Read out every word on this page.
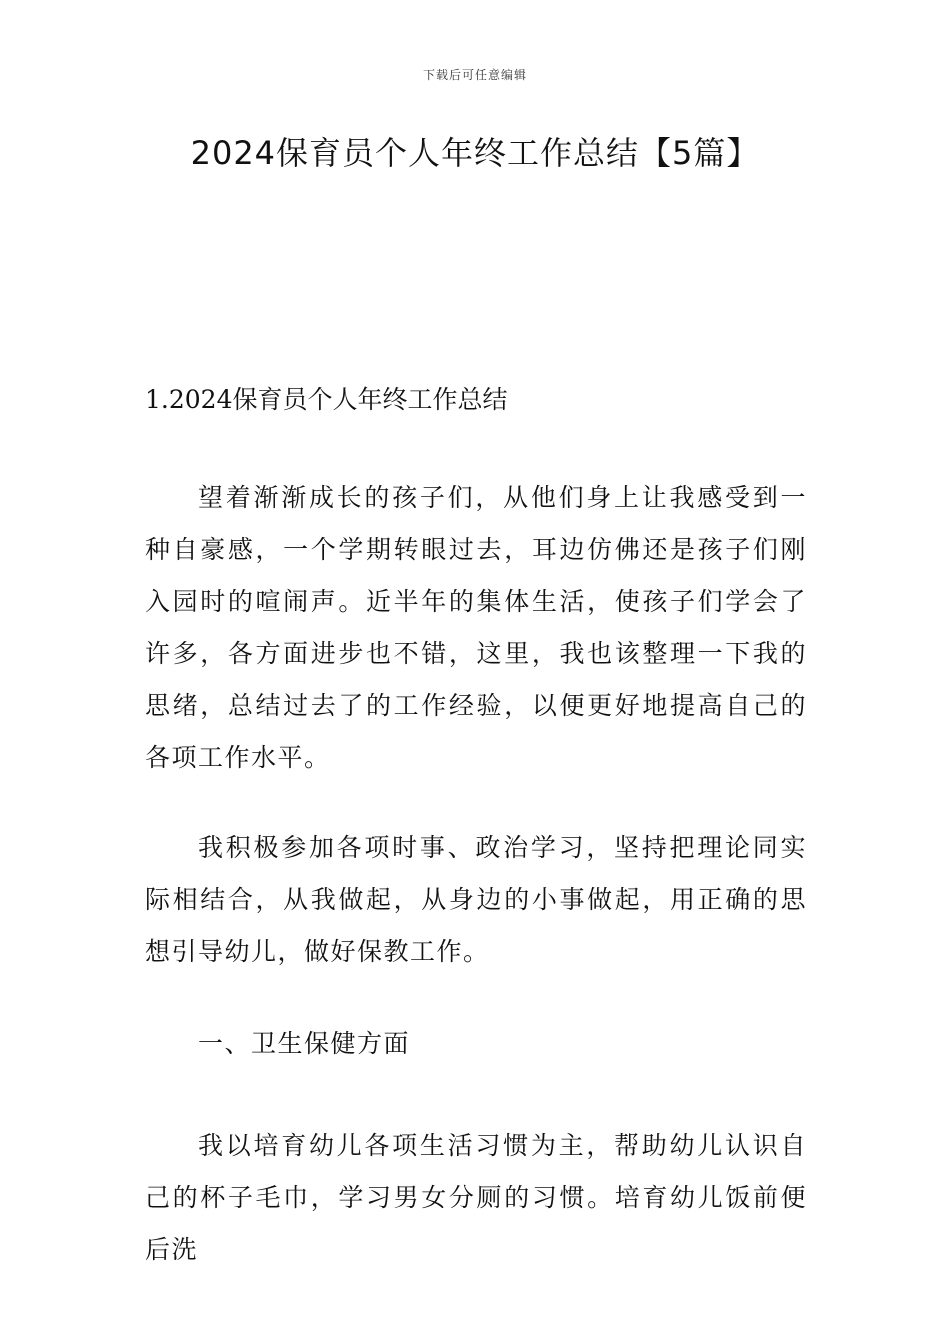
下载后可任意编辑
2024保育员个人年终工作总结【5篇】
1.2024保育员个人年终工作总结

望着渐渐成长的孩子们，从他们身上让我感受到一种自豪感，一个学期转眼过去，耳边仿佛还是孩子们刚入园时的喧闹声。近半年的集体生活，使孩子们学会了许多，各方面进步也不错，这里，我也该整理一下我的思绪，总结过去了的工作经验，以便更好地提高自己的各项工作水平。

我积极参加各项时事、政治学习，坚持把理论同实际相结合，从我做起，从身边的小事做起，用正确的思想引导幼儿，做好保教工作。

一、卫生保健方面

我以培育幼儿各项生活习惯为主，帮助幼儿认识自己的杯子毛巾，学习男女分厕的习惯。培育幼儿饭前便后洗
